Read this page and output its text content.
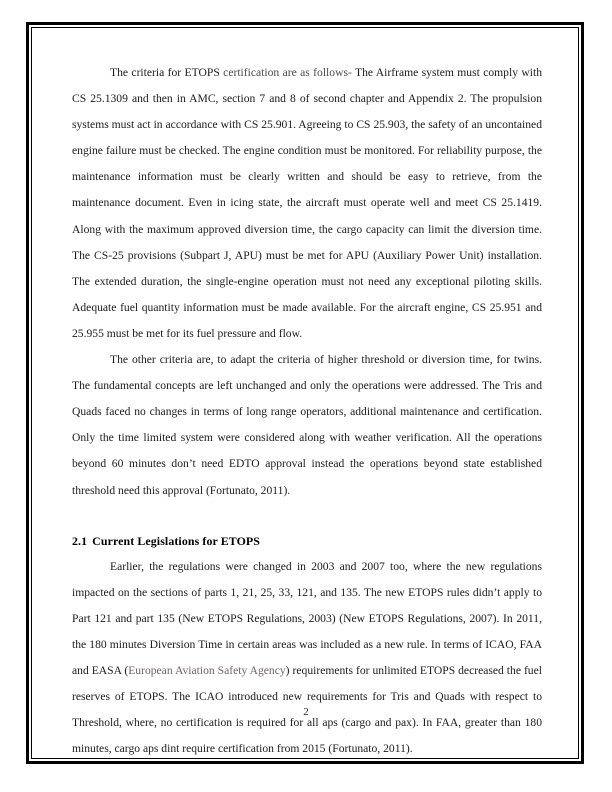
The criteria for ETOPS certification are as follows- The Airframe system must comply with CS 25.1309 and then in AMC, section 7 and 8 of second chapter and Appendix 2. The propulsion systems must act in accordance with CS 25.901. Agreeing to CS 25.903, the safety of an uncontained engine failure must be checked. The engine condition must be monitored. For reliability purpose, the maintenance information must be clearly written and should be easy to retrieve, from the maintenance document. Even in icing state, the aircraft must operate well and meet CS 25.1419. Along with the maximum approved diversion time, the cargo capacity can limit the diversion time. The CS-25 provisions (Subpart J, APU) must be met for APU (Auxiliary Power Unit) installation. The extended duration, the single-engine operation must not need any exceptional piloting skills. Adequate fuel quantity information must be made available. For the aircraft engine, CS 25.951 and 25.955 must be met for its fuel pressure and flow.

The other criteria are, to adapt the criteria of higher threshold or diversion time, for twins. The fundamental concepts are left unchanged and only the operations were addressed. The Tris and Quads faced no changes in terms of long range operators, additional maintenance and certification. Only the time limited system were considered along with weather verification. All the operations beyond 60 minutes don’t need EDTO approval instead the operations beyond state established threshold need this approval (Fortunato, 2011).

2.1 Current Legislations for ETOPS

Earlier, the regulations were changed in 2003 and 2007 too, where the new regulations impacted on the sections of parts 1, 21, 25, 33, 121, and 135. The new ETOPS rules didn’t apply to Part 121 and part 135 (New ETOPS Regulations, 2003) (New ETOPS Regulations, 2007). In 2011, the 180 minutes Diversion Time in certain areas was included as a new rule. In terms of ICAO, FAA and EASA (European Aviation Safety Agency) requirements for unlimited ETOPS decreased the fuel reserves of ETOPS. The ICAO introduced new requirements for Tris and Quads with respect to Threshold, where, no certification is required for all aps (cargo and pax). In FAA, greater than 180 minutes, cargo aps dint require certification from 2015 (Fortunato, 2011).

2
